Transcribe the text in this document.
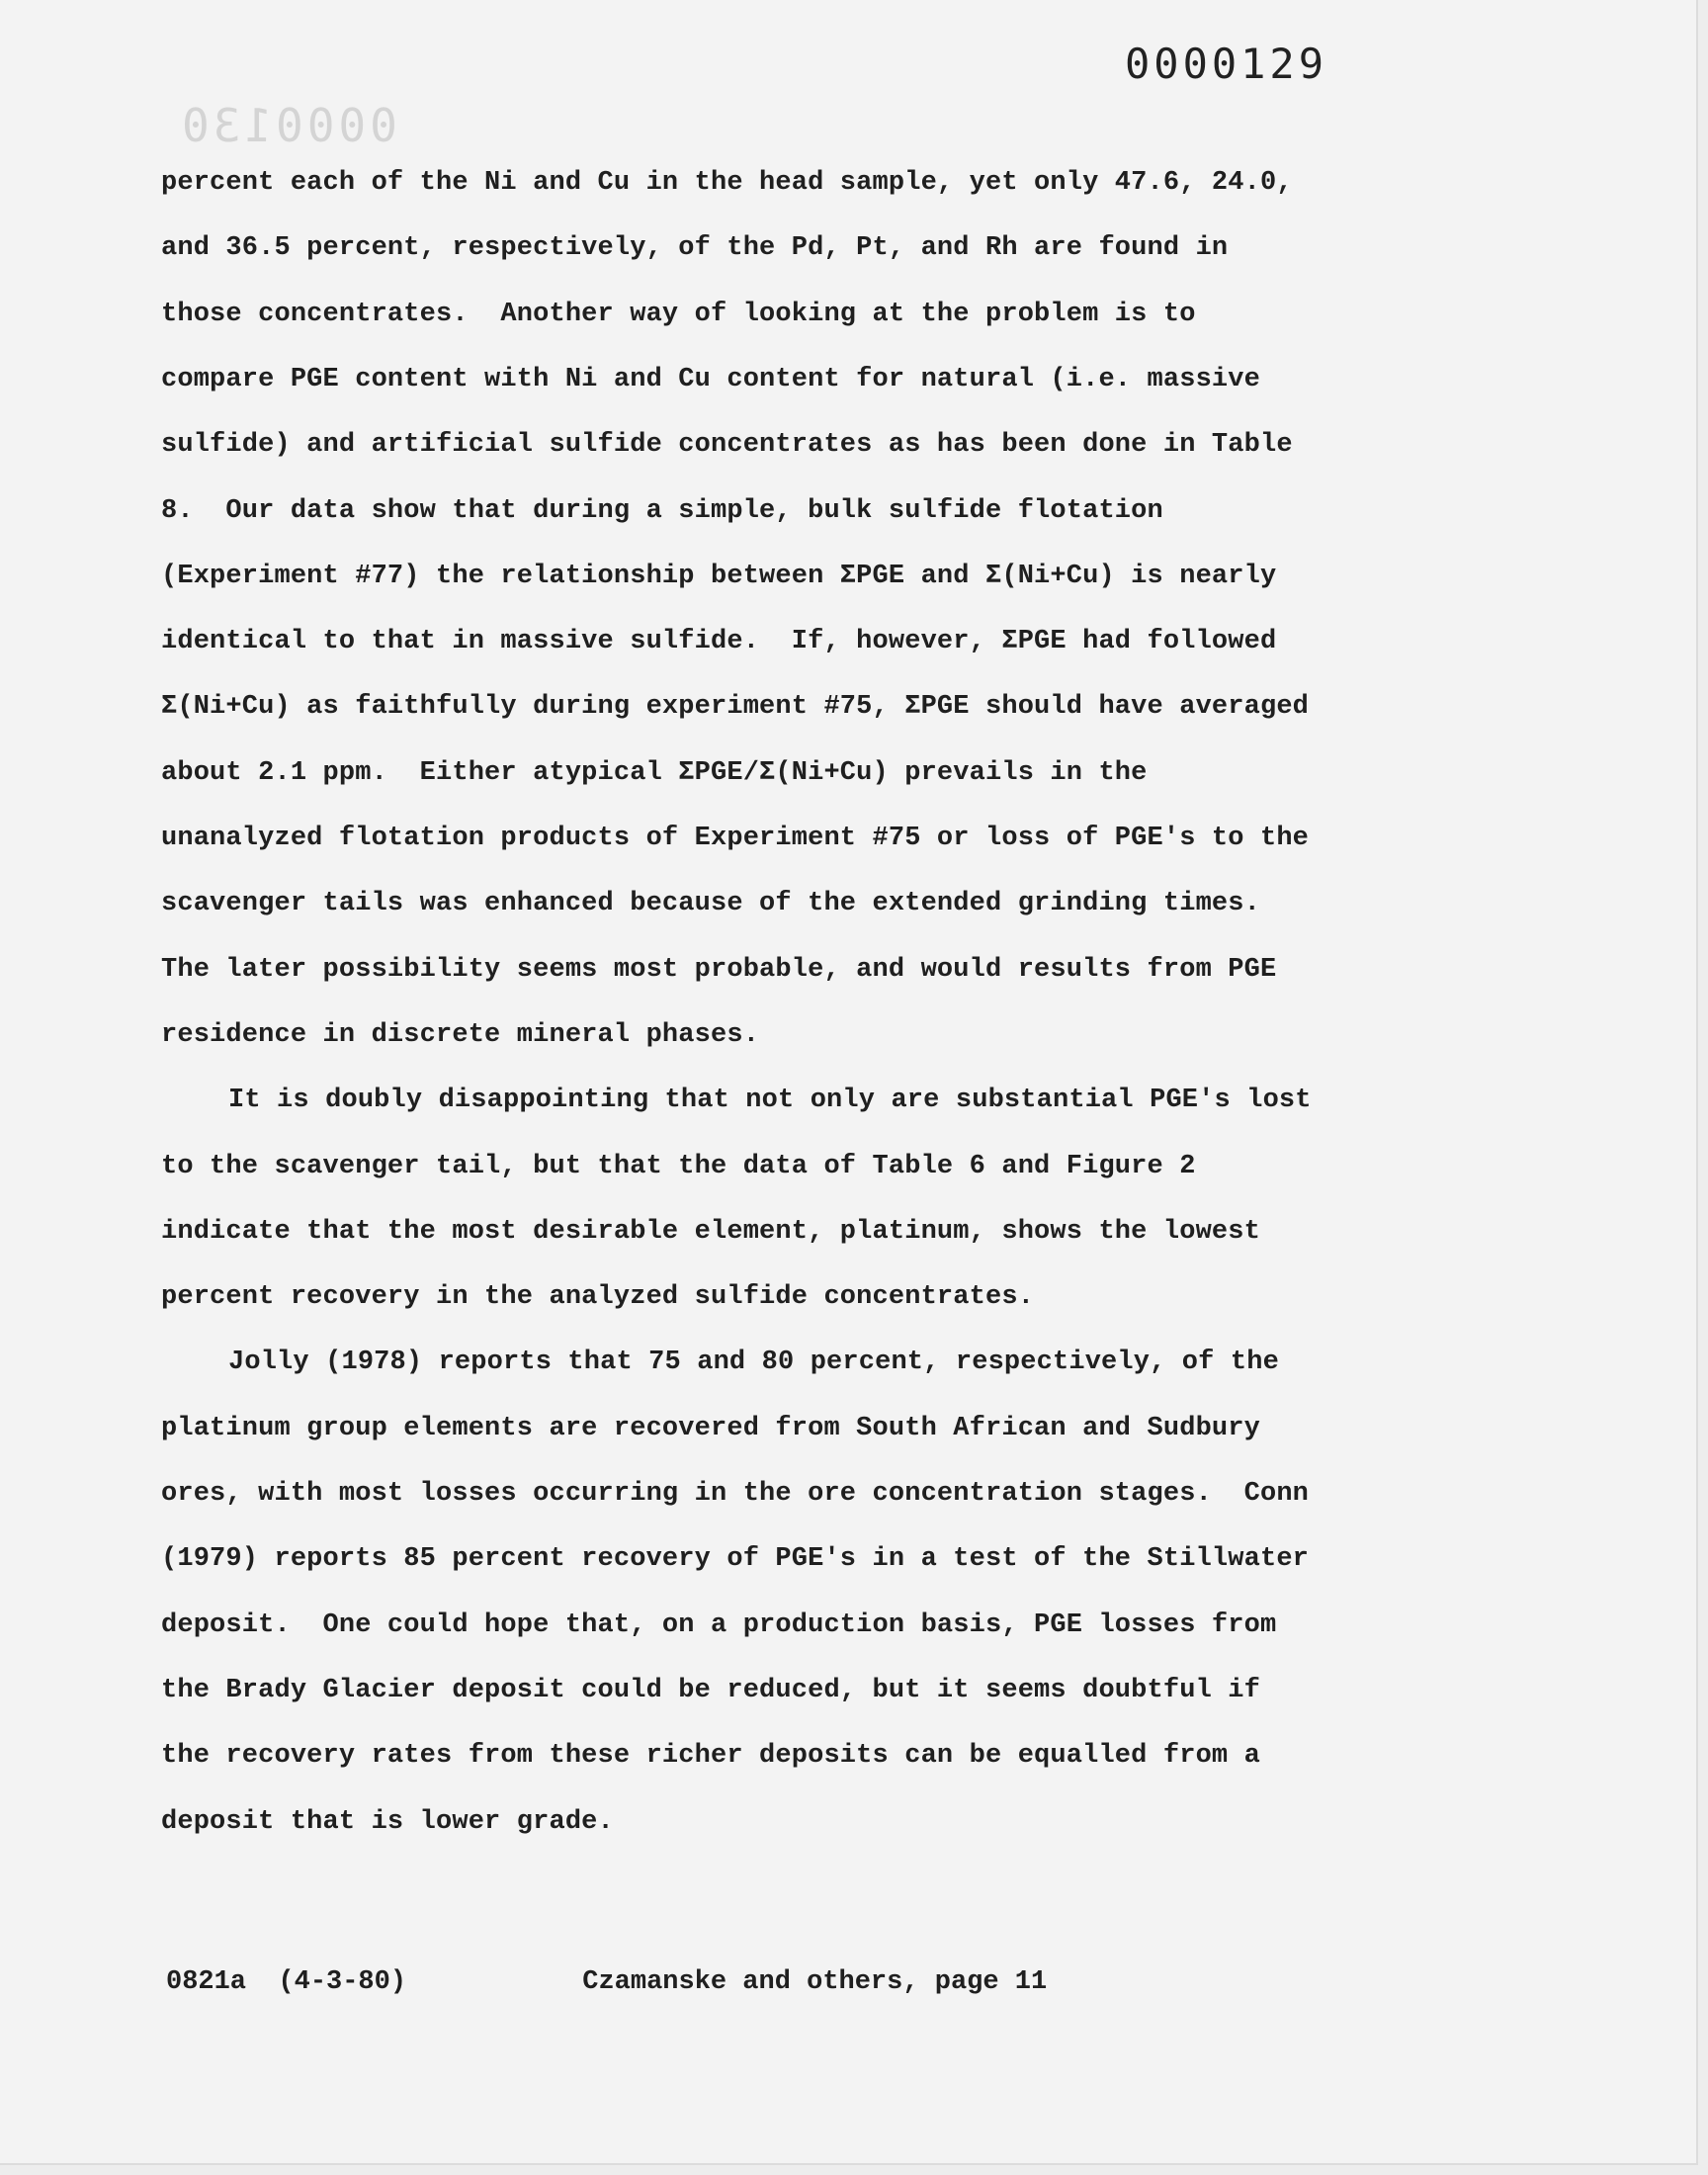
0000130
0000129
percent each of the Ni and Cu in the head sample, yet only 47.6, 24.0,
and 36.5 percent, respectively, of the Pd, Pt, and Rh are found in
those concentrates.  Another way of looking at the problem is to
compare PGE content with Ni and Cu content for natural (i.e. massive
sulfide) and artificial sulfide concentrates as has been done in Table
8.  Our data show that during a simple, bulk sulfide flotation
(Experiment #77) the relationship between ΣPGE and Σ(Ni+Cu) is nearly
identical to that in massive sulfide.  If, however, ΣPGE had followed
Σ(Ni+Cu) as faithfully during experiment #75, ΣPGE should have averaged
about 2.1 ppm.  Either atypical ΣPGE/Σ(Ni+Cu) prevails in the
unanalyzed flotation products of Experiment #75 or loss of PGE's to the
scavenger tails was enhanced because of the extended grinding times.
The later possibility seems most probable, and would results from PGE
residence in discrete mineral phases.
It is doubly disappointing that not only are substantial PGE's lost
to the scavenger tail, but that the data of Table 6 and Figure 2
indicate that the most desirable element, platinum, shows the lowest
percent recovery in the analyzed sulfide concentrates.
Jolly (1978) reports that 75 and 80 percent, respectively, of the
platinum group elements are recovered from South African and Sudbury
ores, with most losses occurring in the ore concentration stages.  Conn
(1979) reports 85 percent recovery of PGE's in a test of the Stillwater
deposit.  One could hope that, on a production basis, PGE losses from
the Brady Glacier deposit could be reduced, but it seems doubtful if
the recovery rates from these richer deposits can be equalled from a
deposit that is lower grade.
0821a (4-3-80)	Czamanske and others, page 11
